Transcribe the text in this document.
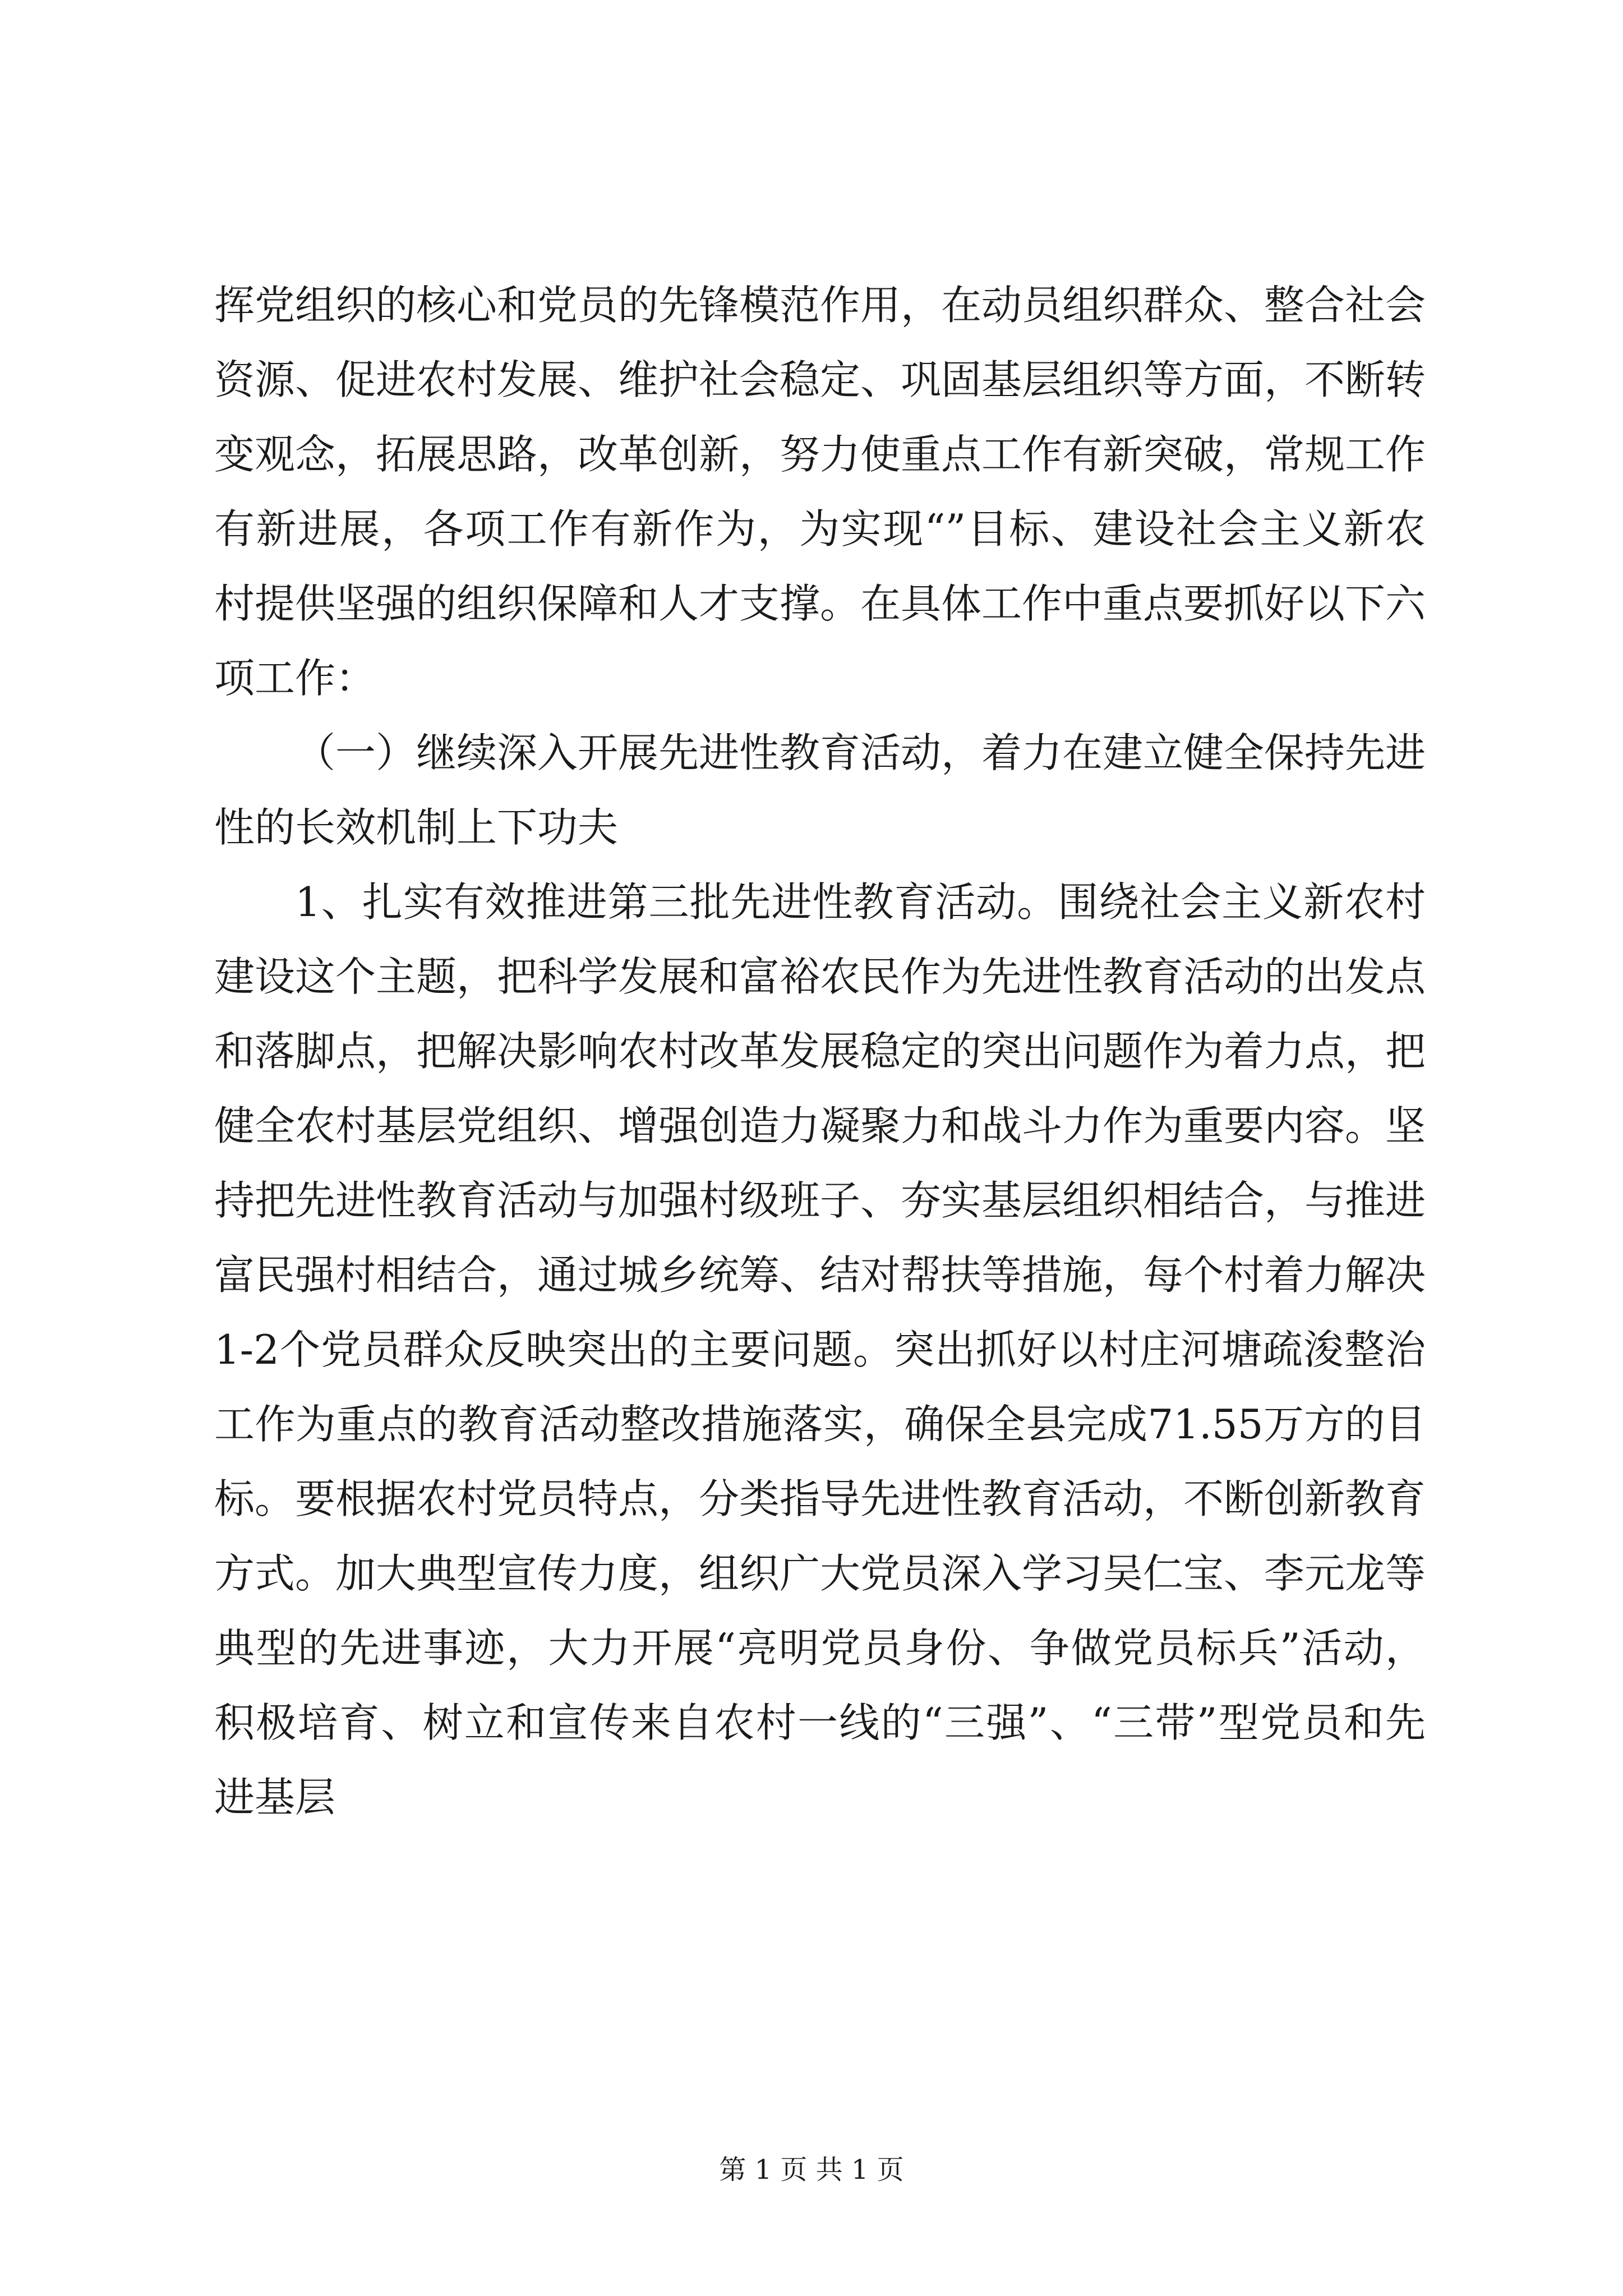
挥党组织的核心和党员的先锋模范作用，在动员组织群众、整合社会资源、促进农村发展、维护社会稳定、巩固基层组织等方面，不断转变观念，拓展思路，改革创新，努力使重点工作有新突破，常规工作有新进展，各项工作有新作为，为实现“”目标、建设社会主义新农村提供坚强的组织保障和人才支撑。在具体工作中重点要抓好以下六项工作：

（一）继续深入开展先进性教育活动，着力在建立健全保持先进性的长效机制上下功夫

1、扎实有效推进第三批先进性教育活动。围绕社会主义新农村建设这个主题，把科学发展和富裕农民作为先进性教育活动的出发点和落脚点，把解决影响农村改革发展稳定的突出问题作为着力点，把健全农村基层党组织、增强创造力凝聚力和战斗力作为重要内容。坚持把先进性教育活动与加强村级班子、夯实基层组织相结合，与推进富民强村相结合，通过城乡统筹、结对帮扶等措施，每个村着力解决1-2个党员群众反映突出的主要问题。突出抓好以村庄河塘疏浚整治工作为重点的教育活动整改措施落实，确保全县完成71.55万方的目标。要根据农村党员特点，分类指导先进性教育活动，不断创新教育方式。加大典型宣传力度，组织广大党员深入学习吴仁宝、李元龙等典型的先进事迹，大力开展“亮明党员身份、争做党员标兵”活动，积极培育、树立和宣传来自农村一线的“三强”、“三带”型党员和先进基层

第 1 页 共 1 页
